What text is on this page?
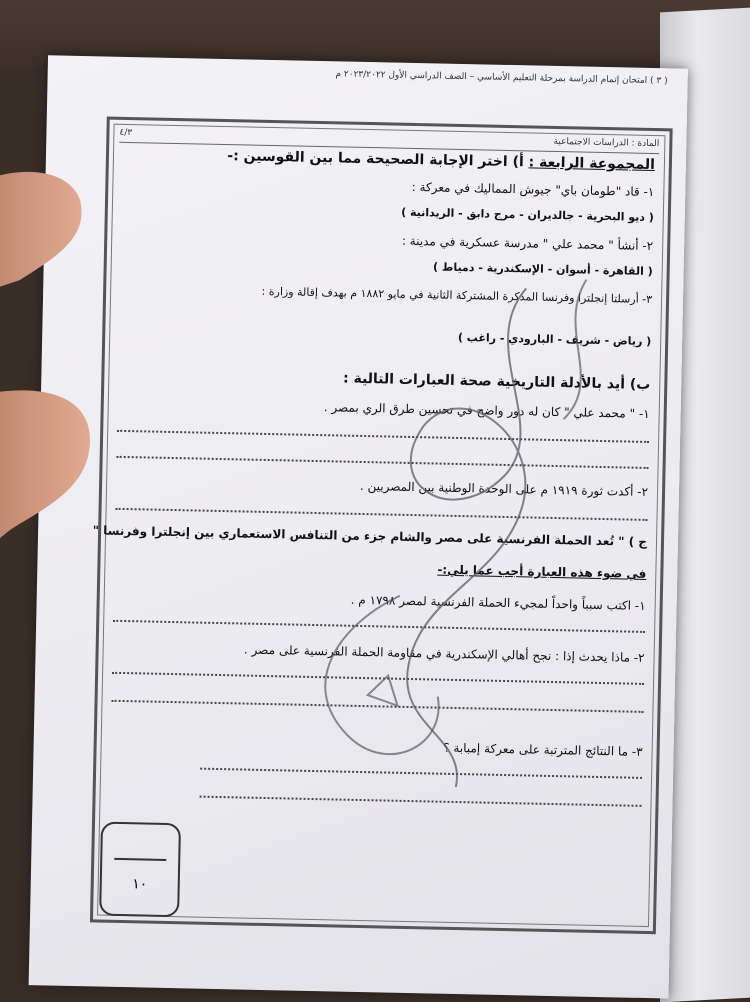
( ٣ ) امتحان إتمام الدراسة بمرحلة التعليم الأساسي – الصف الدراسي الأول ٢٠٢٣/٢٠٢٢ م
المادة : الدراسات الاجتماعية
٤/٣
المجموعة الرابعة : أ) اختر الإجابة الصحيحة مما بين القوسين :-
١- قاد "طومان باي" جيوش المماليك في معركة :
( ديو البحرية - جالديران - مرج دابق - الريدانية )
٢- أنشأ " محمد علي " مدرسة عسكرية في مدينة :
( القاهرة - أسوان - الإسكندرية - دمياط )
٣- أرسلتا إنجلترا وفرنسا المذكرة المشتركة الثانية في مايو ١٨٨٢ م بهدف إقالة وزارة :
( رياض - شريف - البارودي - راغب )
ب) أيد بالأدلة التاريخية صحة العبارات التالية :
١- " محمد علي " كان له دور واضح في تحسين طرق الري بمصر .
٢- أكدت ثورة ١٩١٩ م على الوحدة الوطنية بين المصريين .
ج ) " تُعد الحملة الفرنسية على مصر والشام جزء من التنافس الاستعماري بين إنجلترا وفرنسا "
في ضوء هذه العبارة أجب عما يلي:-
١- اكتب سبباً واحداً لمجيء الحملة الفرنسية لمصر ١٧٩٨ م .
٢- ماذا يحدث إذا : نجح أهالي الإسكندرية في مقاومة الحملة الفرنسية على مصر .
٣- ما النتائج المترتبة على معركة إمبابة ؟
١٠
